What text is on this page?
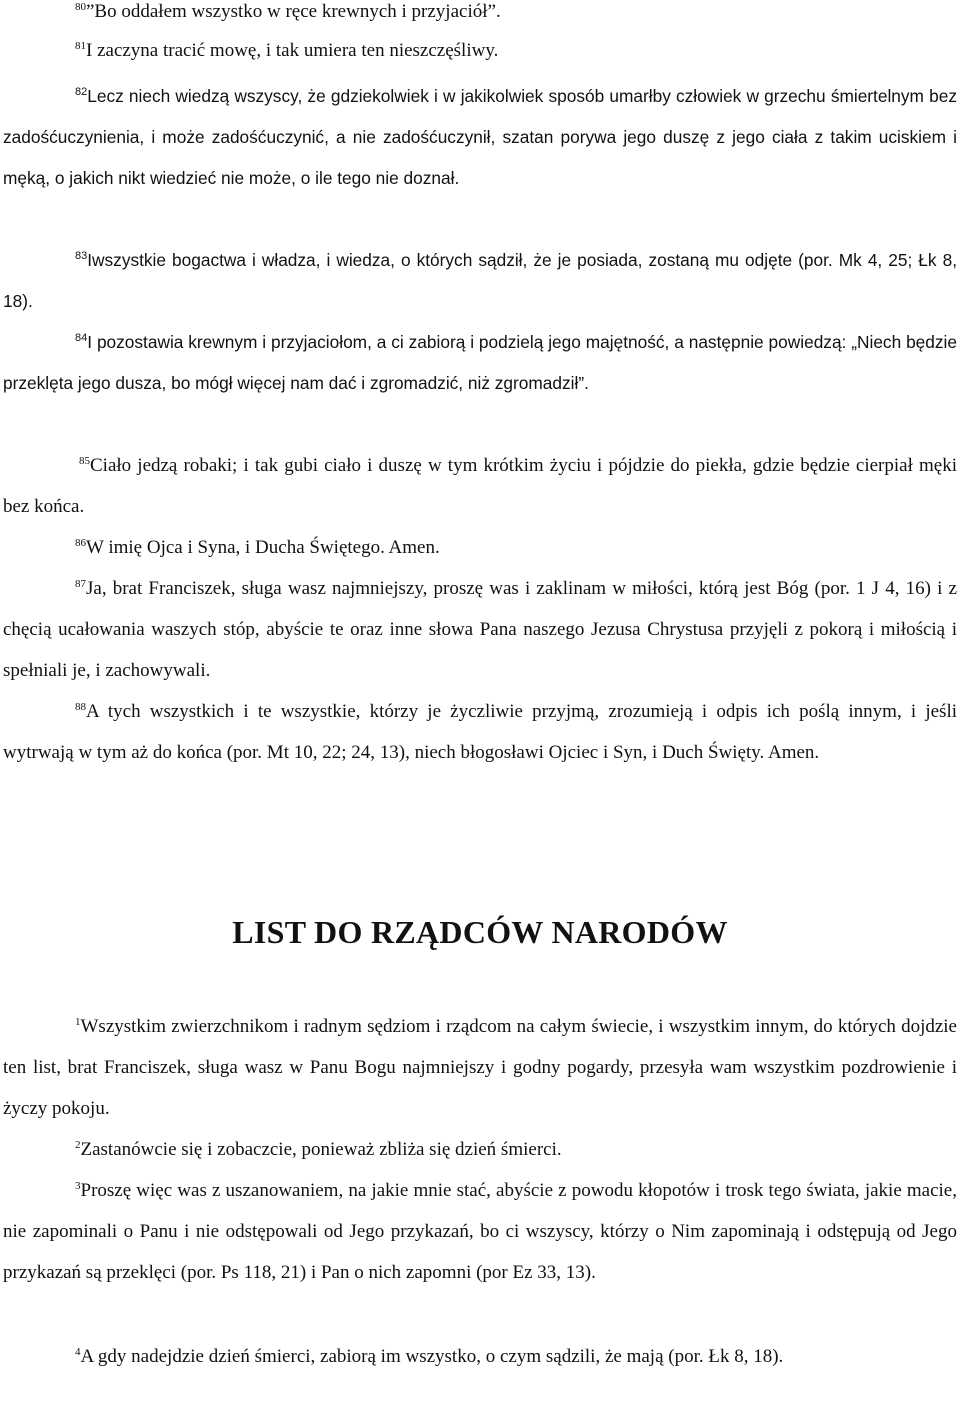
$^{80}$”Bo oddałem wszystko w ręce krewnych i przyjaciół”.

$^{81}$I zaczyna tracić mowę, i tak umiera ten nieszczęśliwy.

$^{82}$Lecz niech wiedzą wszyscy, że gdziekolwiek i w jakikolwiek sposób umarłby człowiek w grzechu śmiertelnym bez zadośćuczynienia, i może zadośćuczynić, a nie zadośćuczynił, szatan porywa jego duszę z jego ciała z takim uciskiem i męką, o jakich nikt wiedzieć nie może, o ile tego nie doznał.

$^{83}$Iwszystkie bogactwa i władza, i wiedza, o których sądził, że je posiada, zostaną mu odjęte (por. Mk 4, 25; Łk 8, 18).

$^{84}$I pozostawia krewnym i przyjaciołom, a ci zabiorą i podzielą jego majętność, a następnie powiedzą: „Niech będzie przeklęta jego dusza, bo mógł więcej nam dać i zgromadzić, niż zgromadził”.

$^{85}$Ciało jedzą robaki; i tak gubi ciało i duszę w tym krótkim życiu i pójdzie do piekła, gdzie będzie cierpiał męki bez końca.

$^{86}$W imię Ojca i Syna, i Ducha Świętego. Amen.

$^{87}$Ja, brat Franciszek, sługa wasz najmniejszy, proszę was i zaklinam w miłości, którą jest Bóg (por. 1 J 4, 16) i z chęcią ucałowania waszych stóp, abyście te oraz inne słowa Pana naszego Jezusa Chrystusa przyjęli z pokorą i miłością i spełniali je, i zachowywali.

$^{88}$A tych wszystkich i te wszystkie, którzy je życzliwie przyjmą, zrozumieją i odpis ich poślą innym, i jeśli wytrwają w tym aż do końca (por. Mt 10, 22; 24, 13), niech błogosławi Ojciec i Syn, i Duch Święty. Amen.

LIST DO RZĄDCÓW NARODÓW

$^1$Wszystkim zwierzchnikom i radnym sędziom i rządcom na całym świecie, i wszystkim innym, do których dojdzie ten list, brat Franciszek, sługa wasz w Panu Bogu najmniejszy i godny pogardy, przesyła wam wszystkim pozdrowienie i życzy pokoju.

$^2$Zastanówcie się i zobaczcie, ponieważ zbliża się dzień śmierci.

$^3$Proszę więc was z uszanowaniem, na jakie mnie stać, abyście z powodu kłopotów i trosk tego świata, jakie macie, nie zapominali o Panu i nie odstępowali od Jego przykazań, bo ci wszyscy, którzy o Nim zapominają i odstępują od Jego przykazań są przeklęci (por. Ps 118, 21) i Pan o nich zapomni (por Ez 33, 13).

$^4$A gdy nadejdzie dzień śmierci, zabiorą im wszystko, o czym sądzili, że mają (por. Łk 8, 18).
